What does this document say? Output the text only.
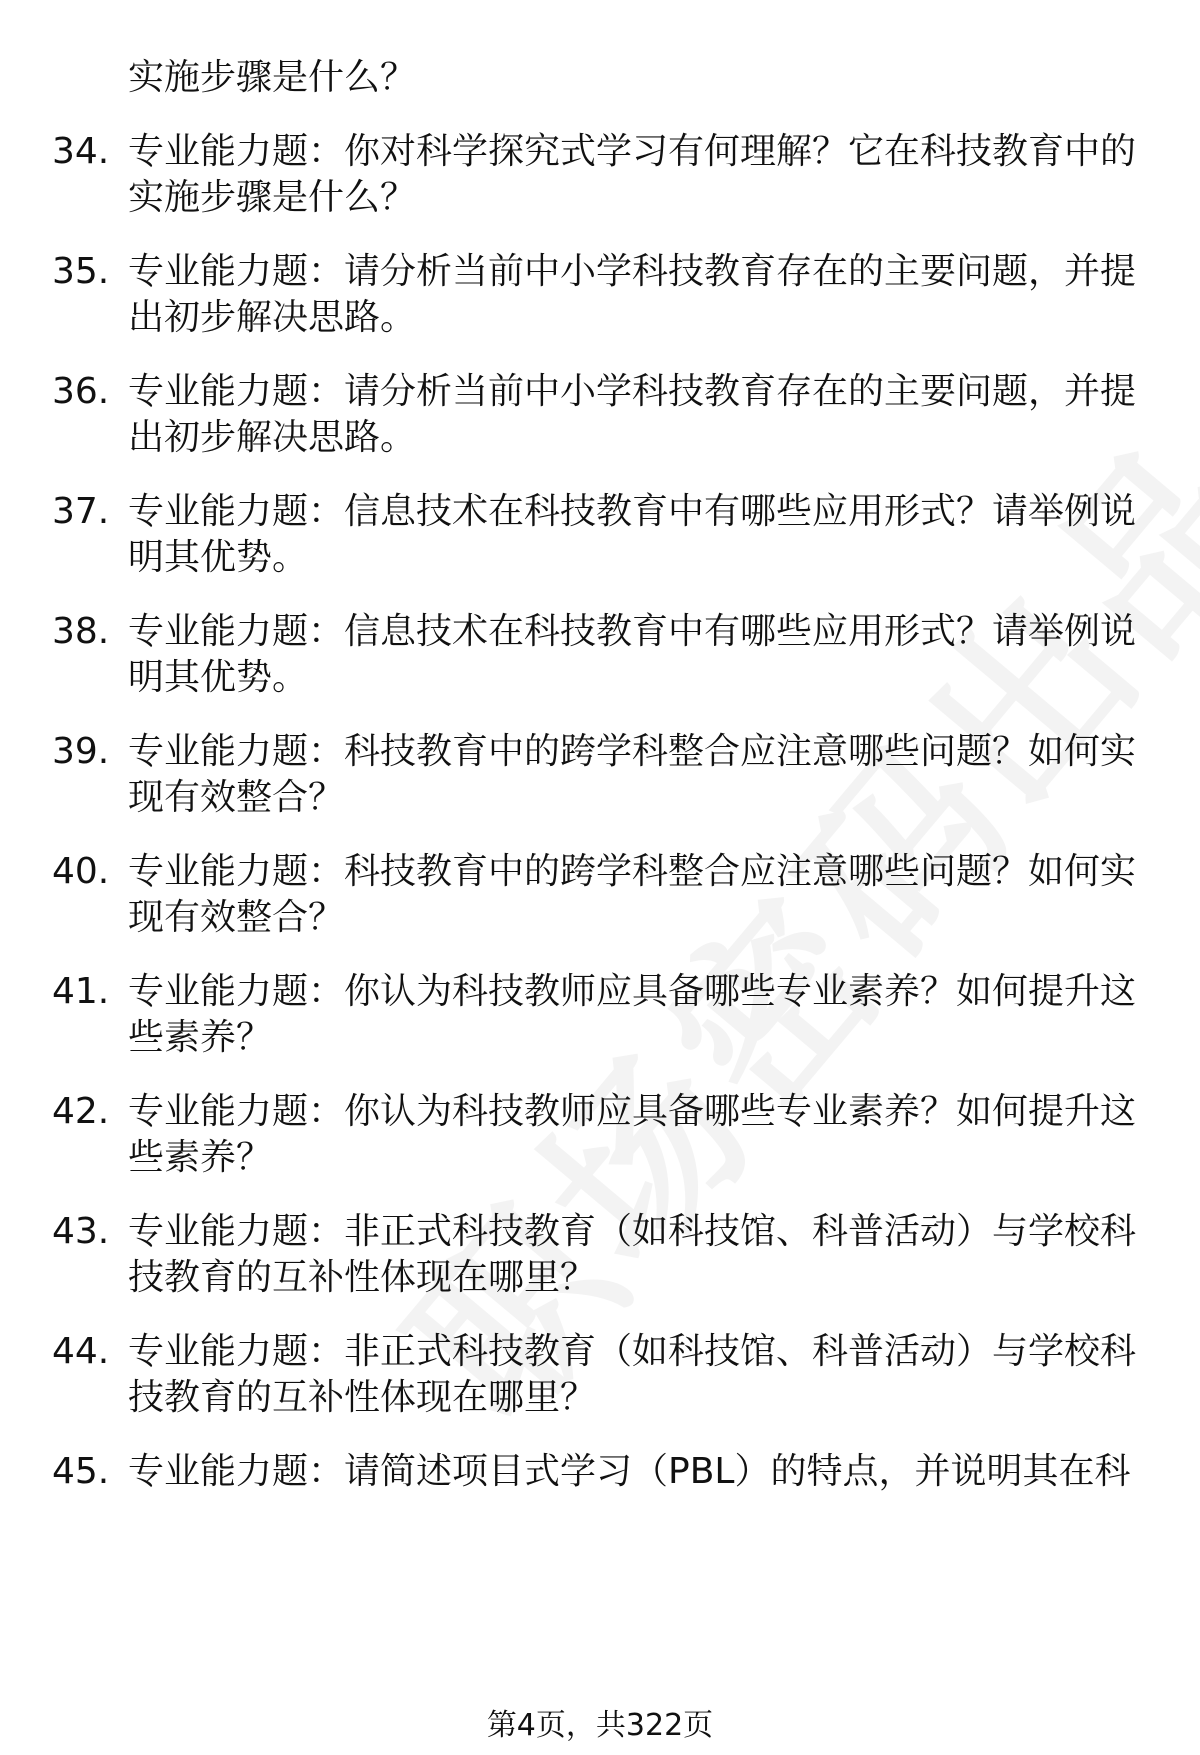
实施步骤是什么？
34. 专业能力题：你对科学探究式学习有何理解？它在科技教育中的
实施步骤是什么？
35. 专业能力题：请分析当前中小学科技教育存在的主要问题，并提
出初步解决思路。
36. 专业能力题：请分析当前中小学科技教育存在的主要问题，并提
出初步解决思路。
37. 专业能力题：信息技术在科技教育中有哪些应用形式？请举例说
明其优势。
38. 专业能力题：信息技术在科技教育中有哪些应用形式？请举例说
明其优势。
39. 专业能力题：科技教育中的跨学科整合应注意哪些问题？如何实
现有效整合？
40. 专业能力题：科技教育中的跨学科整合应注意哪些问题？如何实
现有效整合？
41. 专业能力题：你认为科技教师应具备哪些专业素养？如何提升这
些素养？
42. 专业能力题：你认为科技教师应具备哪些专业素养？如何提升这
些素养？
43. 专业能力题：非正式科技教育（如科技馆、科普活动）与学校科
技教育的互补性体现在哪里？
44. 专业能力题：非正式科技教育（如科技馆、科普活动）与学校科
技教育的互补性体现在哪里？
45. 专业能力题：请简述项目式学习（PBL）的特点，并说明其在科
第4页，共322页
